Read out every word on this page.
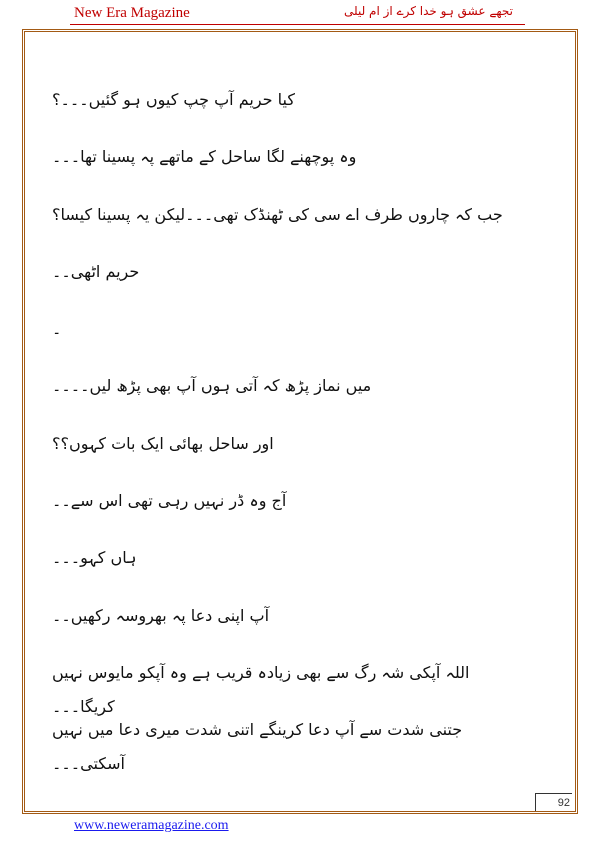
New Era Magazine	تجھے عشق ہو خدا کرے از ام لیلی
کیا حریم آپ چپ کیوں ہو گئیں۔۔۔؟
وہ پوچھنے لگا ساحل کے ماتھے پہ پسینا تھا۔۔۔
جب کہ چاروں طرف اے سی کی ٹھنڈک تھی۔۔۔لیکن یہ پسینا کیسا؟
حریم اٹھی۔۔
۔
میں نماز پڑھ کہ آتی ہوں آپ بھی پڑھ لیں۔۔۔۔
اور ساحل بھائی ایک بات کہوں؟؟
آج وہ ڈر نہیں رہی تھی اس سے۔۔
ہاں کہو۔۔۔
آپ اپنی دعا پہ بھروسہ رکھیں۔۔
اللہ آپکی شہ رگ سے بھی زیادہ قریب ہے وہ آپکو مایوس نہیں کریگا۔۔۔
جتنی شدت سے آپ دعا کرینگے اتنی شدت میری دعا میں نہیں آسکتی۔۔۔
92
www.neweramagazine.com
